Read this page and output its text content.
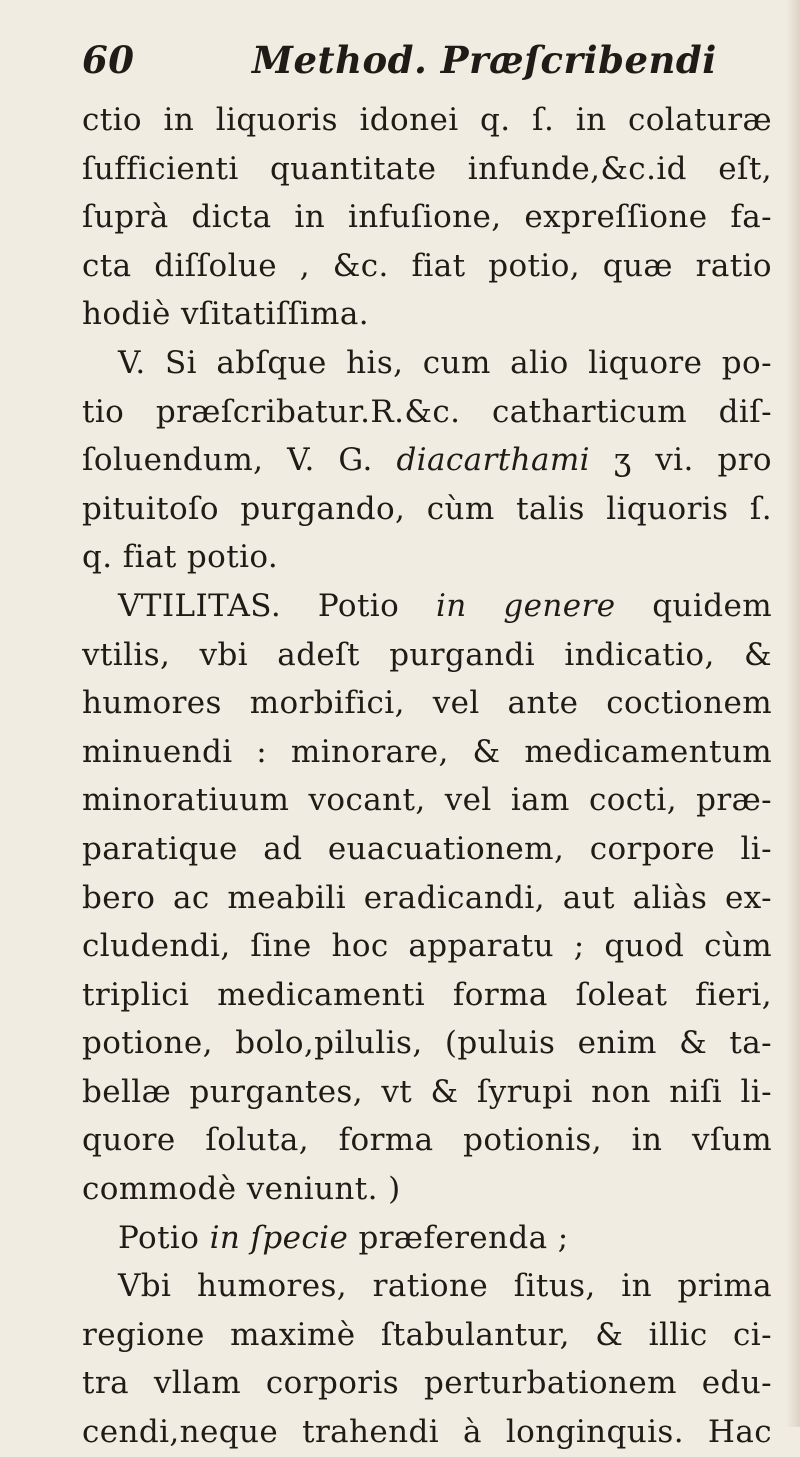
60	Method. Præſcribendi
ctio in liquoris idonei q. ſ. in colaturæ
ſufficienti quantitate infunde,&c.id eſt,
ſuprà dicta in infuſione, expreſſione fa-
cta diſſolue , &c. fiat potio, quæ ratio
hodiè vſitatiſſima.
V. Si abſque his, cum alio liquore po-
tio præſcribatur.R.&c. catharticum diſ-
ſoluendum, V. G. diacarthami ʒ vi. pro
pituitoſo purgando, cùm talis liquoris ſ.
q. fiat potio.
VTILITAS. Potio in genere quidem
vtilis, vbi adeſt purgandi indicatio, &
humores morbifici, vel ante coctionem
minuendi : minorare, & medicamentum
minoratiuum vocant, vel iam cocti, præ-
paratique ad euacuationem, corpore li-
bero ac meabili eradicandi, aut aliàs ex-
cludendi, ſine hoc apparatu ; quod cùm
triplici medicamenti forma ſoleat fieri,
potione, bolo,pilulis, (puluis enim & ta-
bellæ purgantes, vt & ſyrupi non niſi li-
quore ſoluta, forma potionis, in vſum
commodè veniunt. )
Potio in ſpecie præferenda ;
Vbi humores, ratione ſitus, in prima
regione maximè ſtabulantur, & illic ci-
tra vllam corporis perturbationem edu-
cendi,neque trahendi à longinquis. Hac
